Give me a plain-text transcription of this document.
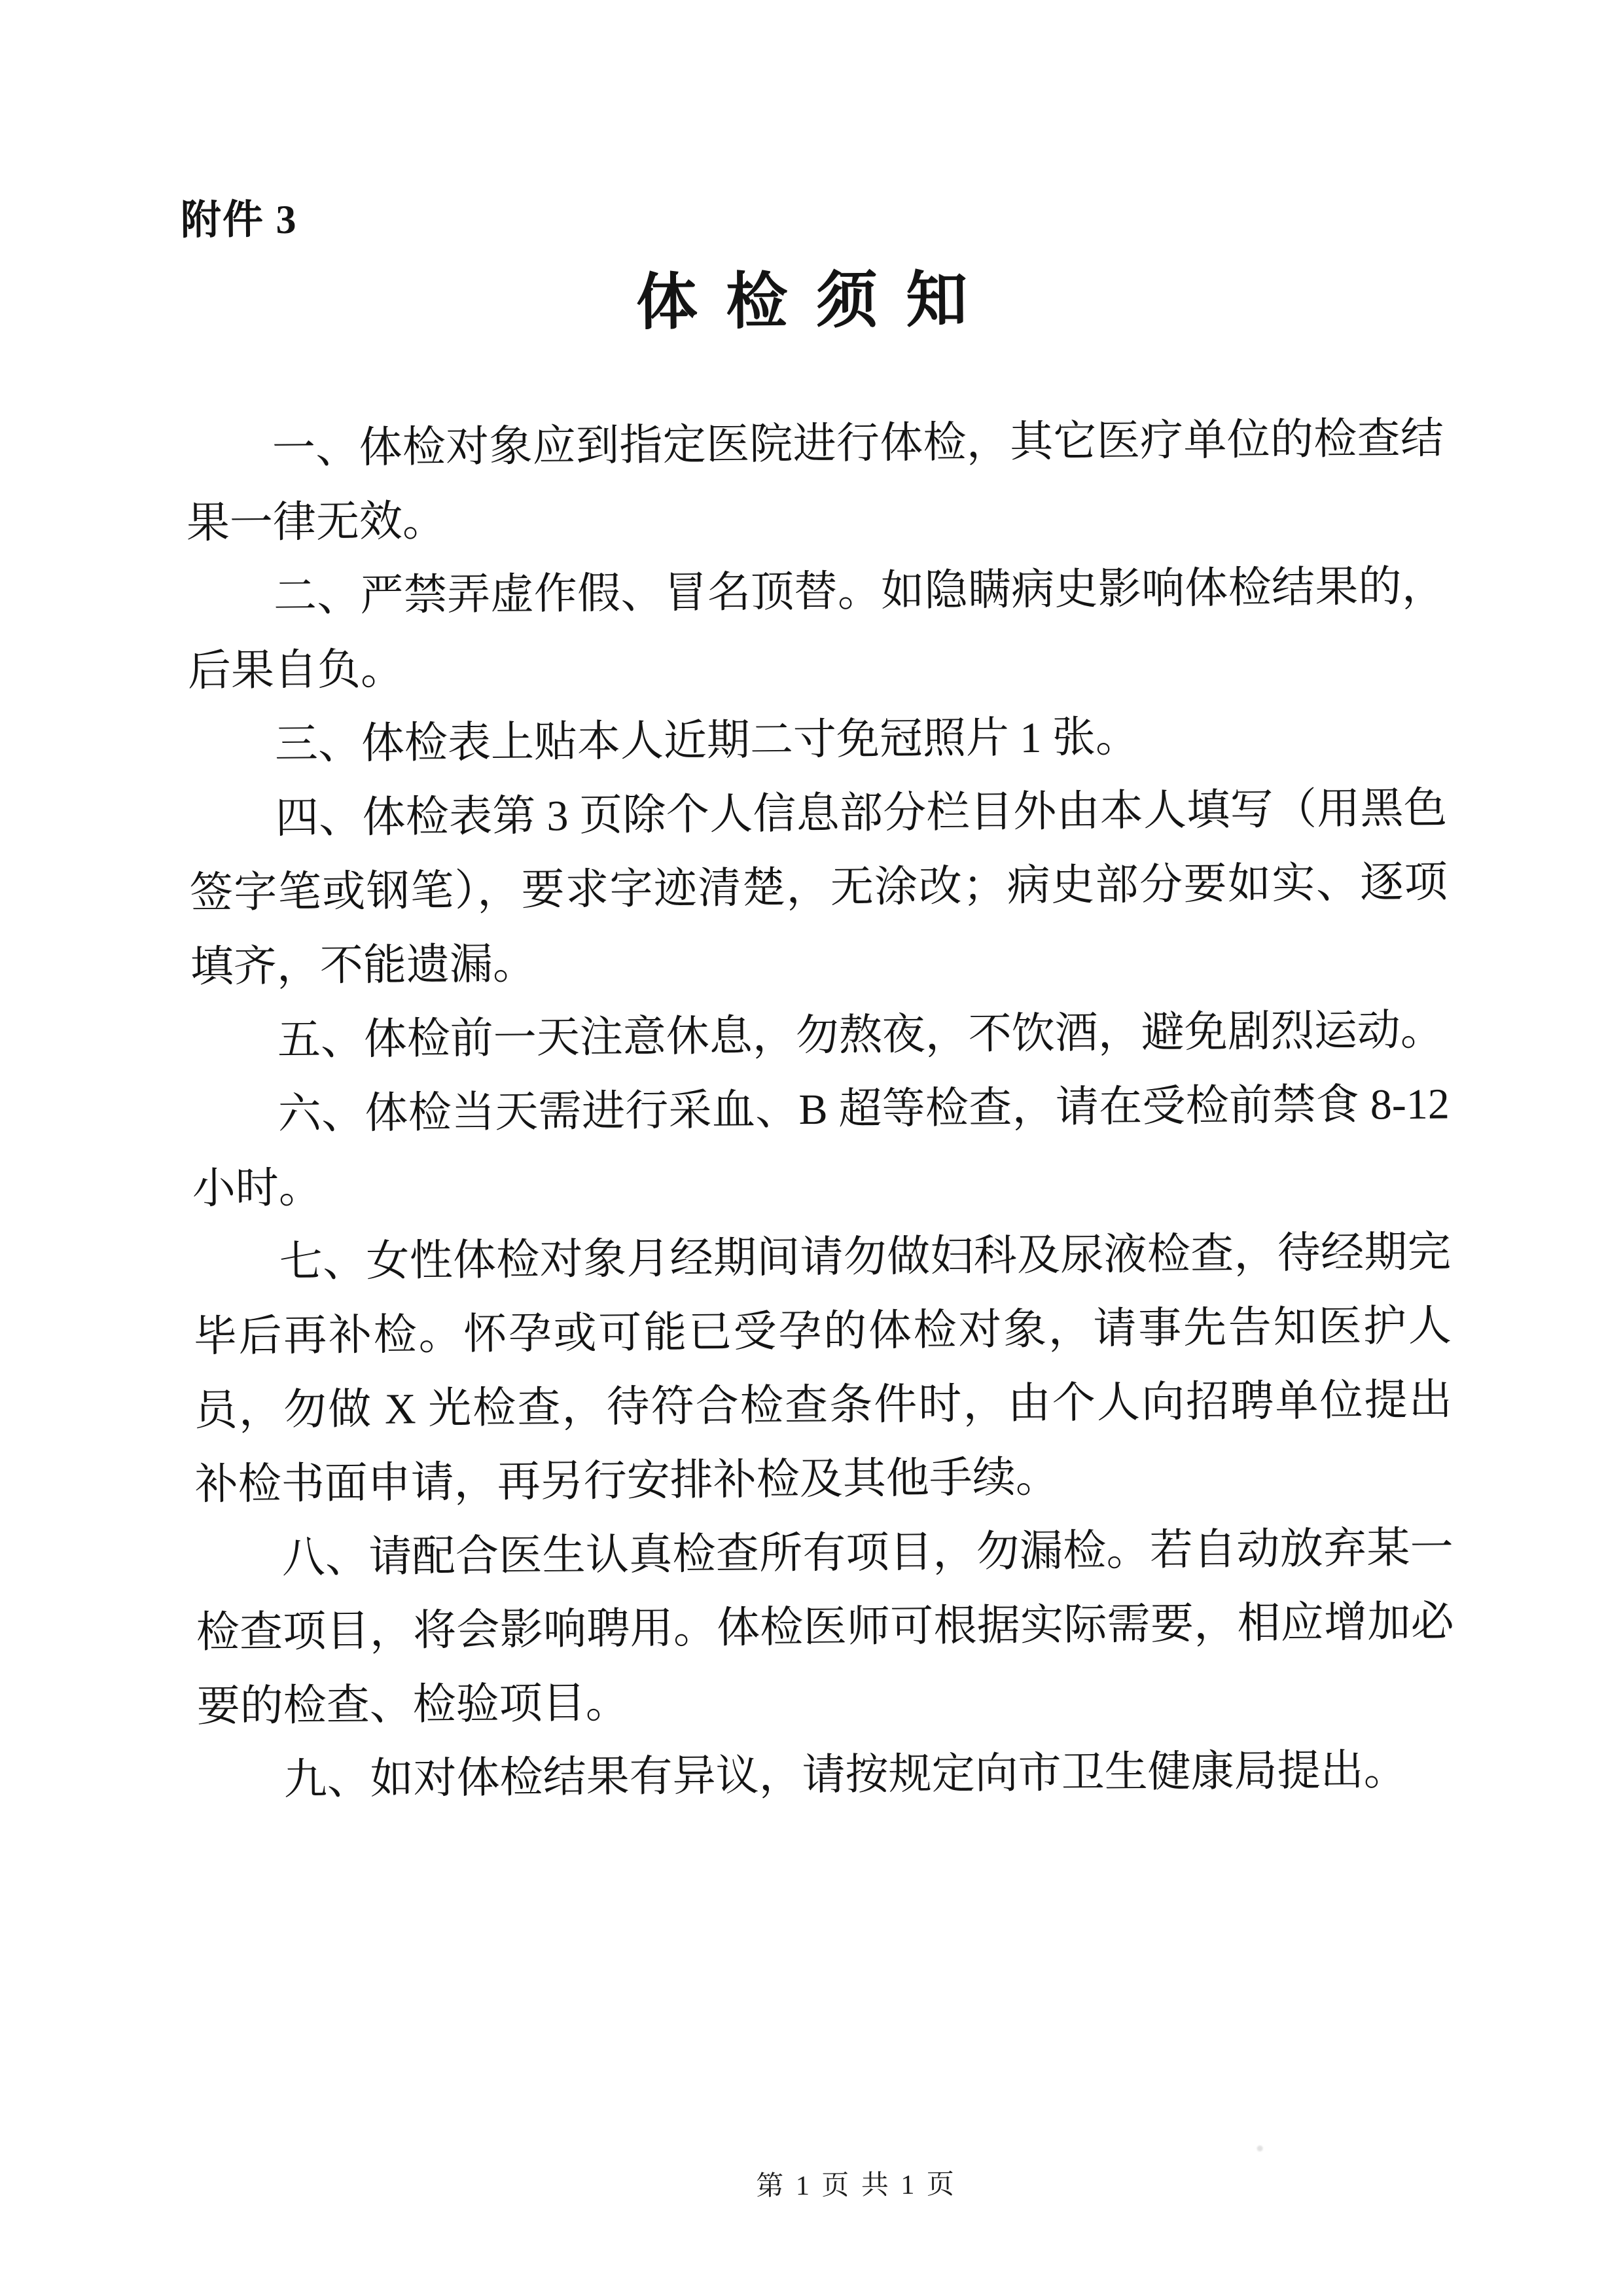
附件 3
体 检 须 知

一、体检对象应到指定医院进行体检，其它医疗单位的检查结果一律无效。

二、严禁弄虚作假、冒名顶替。如隐瞒病史影响体检结果的，后果自负。

三、体检表上贴本人近期二寸免冠照片 1 张。

四、体检表第 3 页除个人信息部分栏目外由本人填写（用黑色签字笔或钢笔），要求字迹清楚，无涂改；病史部分要如实、逐项填齐，不能遗漏。

五、体检前一天注意休息，勿熬夜，不饮酒，避免剧烈运动。

六、体检当天需进行采血、B 超等检查，请在受检前禁食 8-12 小时。

七、女性体检对象月经期间请勿做妇科及尿液检查，待经期完毕后再补检。怀孕或可能已受孕的体检对象，请事先告知医护人员，勿做 X 光检查，待符合检查条件时，由个人向招聘单位提出补检书面申请，再另行安排补检及其他手续。

八、请配合医生认真检查所有项目，勿漏检。若自动放弃某一检查项目，将会影响聘用。体检医师可根据实际需要，相应增加必要的检查、检验项目。

九、如对体检结果有异议，请按规定向市卫生健康局提出。

第 1 页 共 1 页
